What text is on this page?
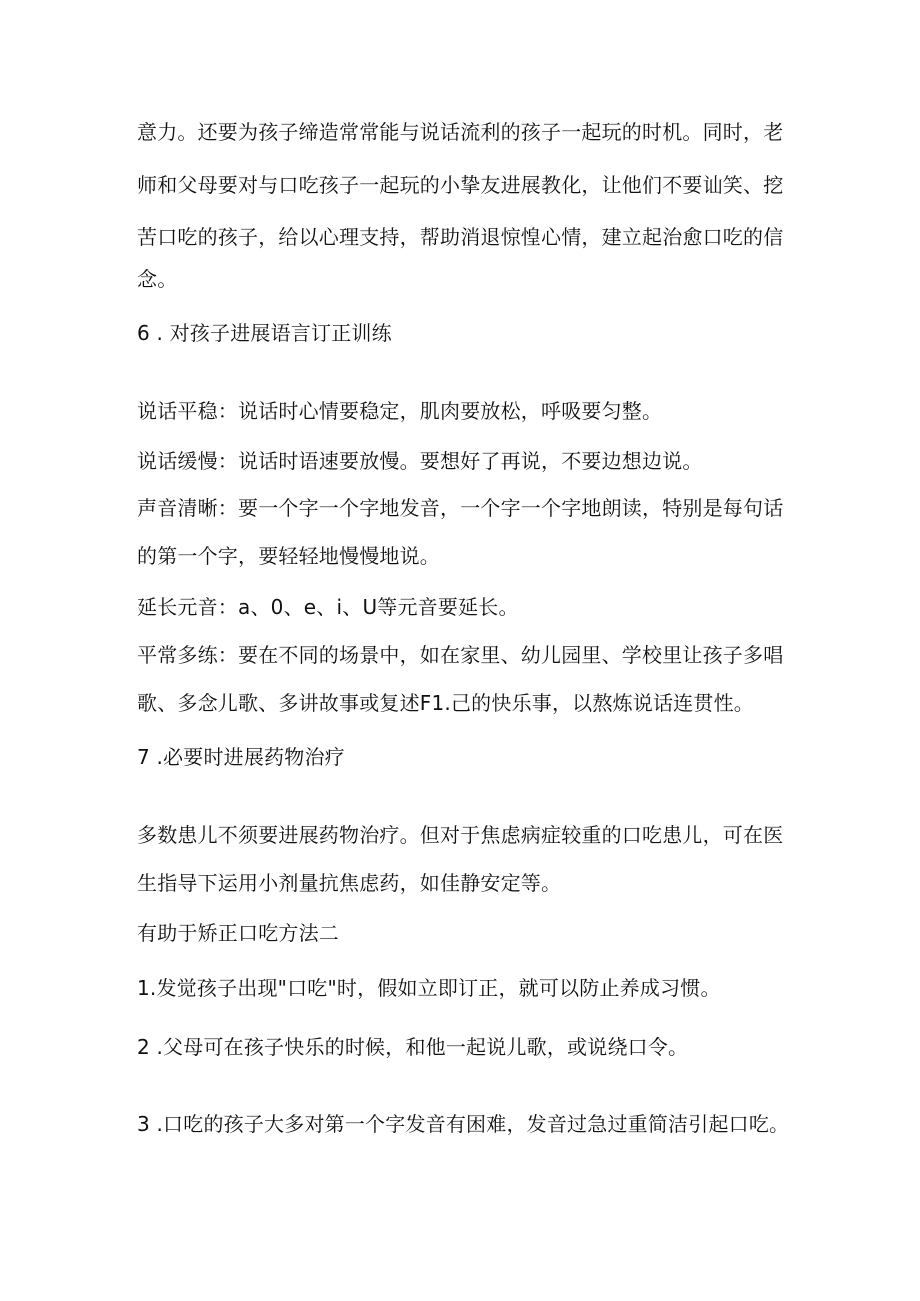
意力。还要为孩子缔造常常能与说话流利的孩子一起玩的时机。同时，老
师和父母要对与口吃孩子一起玩的小挚友进展教化，让他们不要讪笑、挖
苦口吃的孩子，给以心理支持，帮助消退惊惶心情，建立起治愈口吃的信
念。
6 . 对孩子进展语言订正训练
说话平稳：说话时心情要稳定，肌肉要放松，呼吸要匀整。
说话缓慢：说话时语速要放慢。要想好了再说，不要边想边说。
声音清晰：要一个字一个字地发音，一个字一个字地朗读，特别是每句话
的第一个字，要轻轻地慢慢地说。
延长元音：a、0、e、i、U等元音要延长。
平常多练：要在不同的场景中，如在家里、幼儿园里、学校里让孩子多唱
歌、多念儿歌、多讲故事或复述F1.己的快乐事，以熬炼说话连贯性。
7 .必要时进展药物治疗
多数患儿不须要进展药物治疗。但对于焦虑病症较重的口吃患儿，可在医
生指导下运用小剂量抗焦虑药，如佳静安定等。
有助于矫正口吃方法二
1.发觉孩子出现"口吃"时，假如立即订正，就可以防止养成习惯。
2 .父母可在孩子快乐的时候，和他一起说儿歌，或说绕口令。
3 .口吃的孩子大多对第一个字发音有困难，发音过急过重简洁引起口吃。
